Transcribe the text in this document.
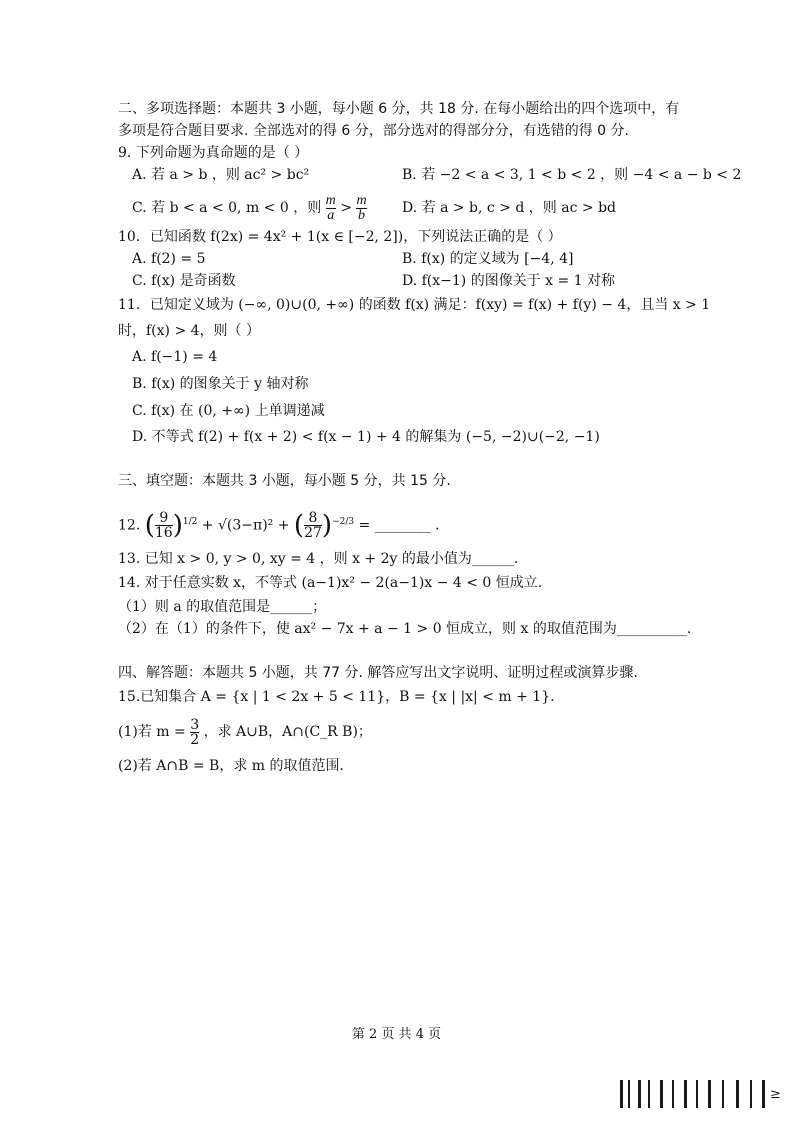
二、多项选择题：本题共 3 小题，每小题 6 分，共 18 分. 在每小题给出的四个选项中，有
多项是符合题目要求. 全部选对的得 6 分，部分选对的得部分分，有选错的得 0 分.
9. 下列命题为真命题的是（ ）
A. 若 a > b ，则 ac² > bc²	B. 若 −2 < a < 3, 1 < b < 2 ，则 −4 < a − b < 2
C. 若 b < a < 0, m < 0 ，则 $\frac{m}{a} > \frac{m}{b}$	D. 若 a > b, c > d ，则 ac > bd
10．已知函数 f(2x) = 4x² + 1(x ∈ [−2, 2])，下列说法正确的是（ ）
A. f(2) = 5	B. f(x) 的定义域为 [−4, 4]
C. f(x) 是奇函数	D. f(x−1) 的图像关于 x = 1 对称
11．已知定义域为 (−∞, 0)∪(0, +∞) 的函数 f(x) 满足：f(xy) = f(x) + f(y) − 4，且当 x > 1
时，f(x) > 4，则（ ）
A. f(−1) = 4
B. f(x) 的图象关于 y 轴对称
C. f(x) 在 (0, +∞) 上单调递减
D. 不等式 f(2) + f(x + 2) < f(x − 1) + 4 的解集为 (−5, −2)∪(−2, −1)
三、填空题：本题共 3 小题，每小题 5 分，共 15 分.
12. ( $\frac{9}{16} )^{1/2} + √(3-\pi)^2$ + ( $\frac{8}{27} )^{-2/3}$ = ________ .
13. 已知 x > 0, y > 0, xy = 4 ，则 x + 2y 的最小值为______.
14. 对于任意实数 x，不等式 (a−1)x² − 2(a−1)x − 4 < 0 恒成立.
（1）则 a 的取值范围是______；
（2）在（1）的条件下，使 ax² − 7x + a − 1 > 0 恒成立，则 x 的取值范围为__________.
四、解答题：本题共 5 小题，共 77 分. 解答应写出文字说明、证明过程或演算步骤.
15.已知集合 A = {x | 1 < 2x + 5 < 11}，B = {x | |x| < m + 1}.
(1)若 $m = \frac{3}{2}$ ，求 A∪B，A∩(C_R B)；
(2)若 A∩B = B，求 m 的取值范围.
第 2 页 共 4 页
≥
